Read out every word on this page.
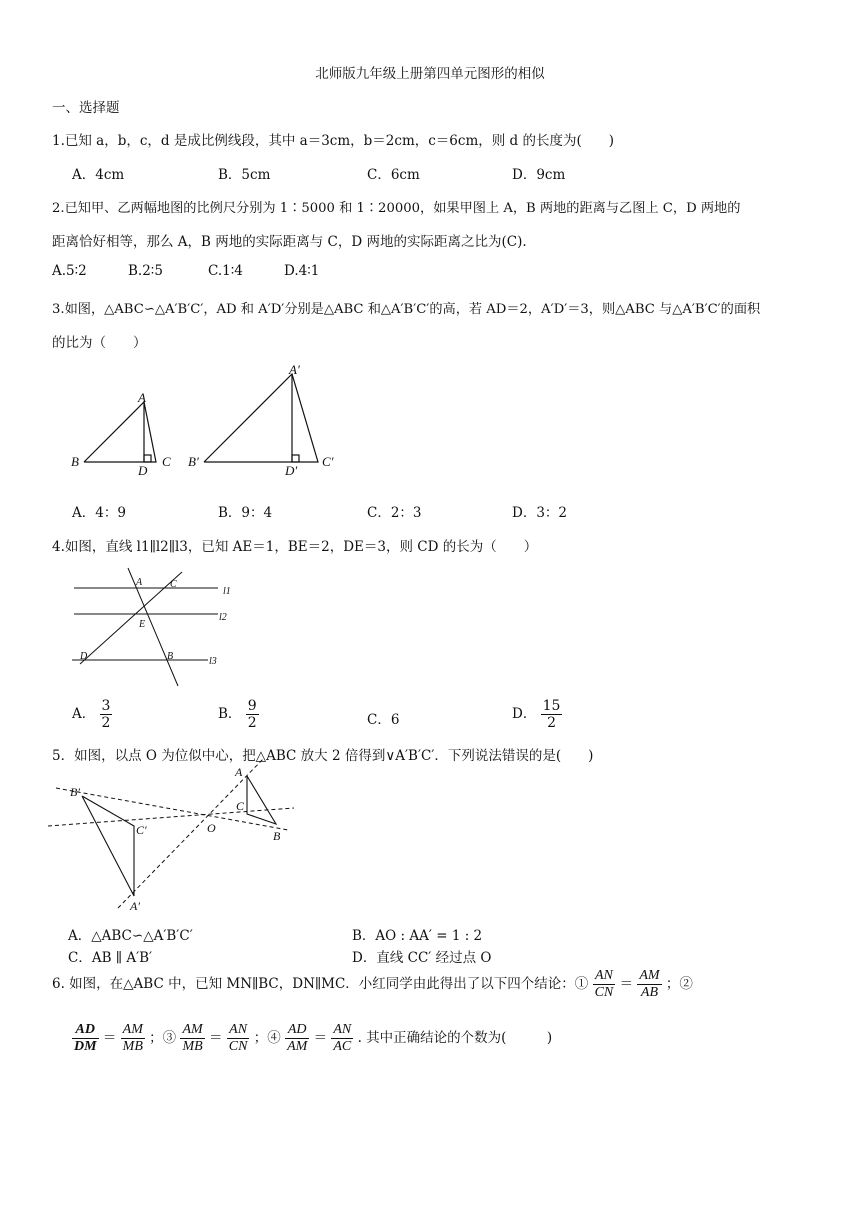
北师版九年级上册第四单元图形的相似
一、选择题
1.已知 a，b，c，d 是成比例线段，其中 a＝3cm，b＝2cm，c＝6cm，则 d 的长度为(　　)
A．4cm	B．5cm	C．6cm	D．9cm
2.已知甲、乙两幅地图的比例尺分别为 1∶5000 和 1∶20000，如果甲图上 A，B 两地的距离与乙图上 C，D 两地的
距离恰好相等，那么 A，B 两地的实际距离与 C，D 两地的实际距离之比为(C).
A.5∶2	B.2∶5	C.1∶4	D.4∶1
3.如图，△ABC∽△A′B′C′，AD 和 A′D′分别是△ABC 和△A′B′C′的高，若 AD＝2，A′D′＝3，则△ABC 与△A′B′C′的面积
的比为（　　）
A
B	C
D
A′
B′	C′
D′
A．4：9	B．9：4	C．2：3	D．3：2
4.如图，直线 l1∥l2∥l3，已知 AE＝1，BE＝2，DE＝3，则 CD 的长为（　　）
A	C
E
D	B
l1
l2
l3
A． $\frac{3}{2}$	B． $\frac{9}{2}$	C．6	D． $\frac{15}{2}$
5．如图，以点 O 为位似中心，把△ABC 放大 2 倍得到∨A′B′C′．下列说法错误的是(　　)
B′
C′
A′
O
A
C
B
A．△ABC∽△A′B′C′	B．AO : AA′ = 1 : 2
C．AB ∥ A′B′	D．直线 CC′ 经过点 O
6. 如图，在△ABC 中，已知 MN∥BC，DN∥MC．小红同学由此得出了以下四个结论：① $\frac{AN}{CN} = \frac{AM}{AB}$ ；②
$\frac{AD}{DM} = \frac{AM}{MB}$ ；③ $\frac{AM}{MB} = \frac{AN}{CN}$ ；④ $\frac{AD}{AM} = \frac{AN}{AC}$ . 其中正确结论的个数为(　　　)
